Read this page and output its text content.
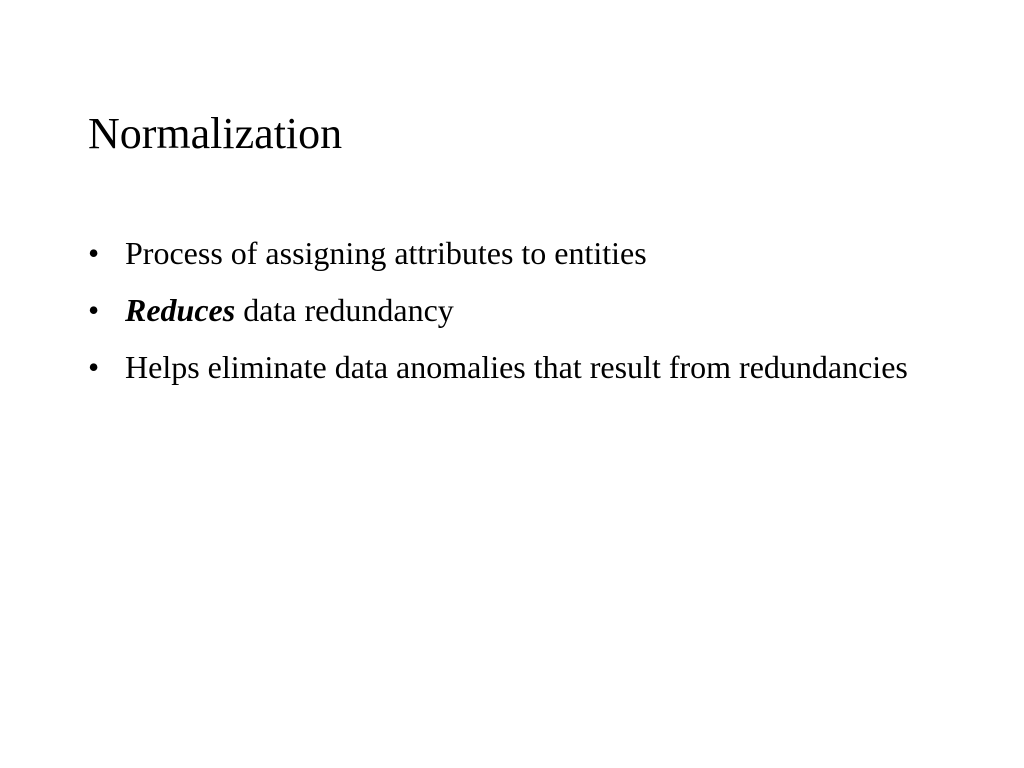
Normalization
• Process of assigning attributes to entities
• Reduces data redundancy
• Helps eliminate data anomalies that result from redundancies
